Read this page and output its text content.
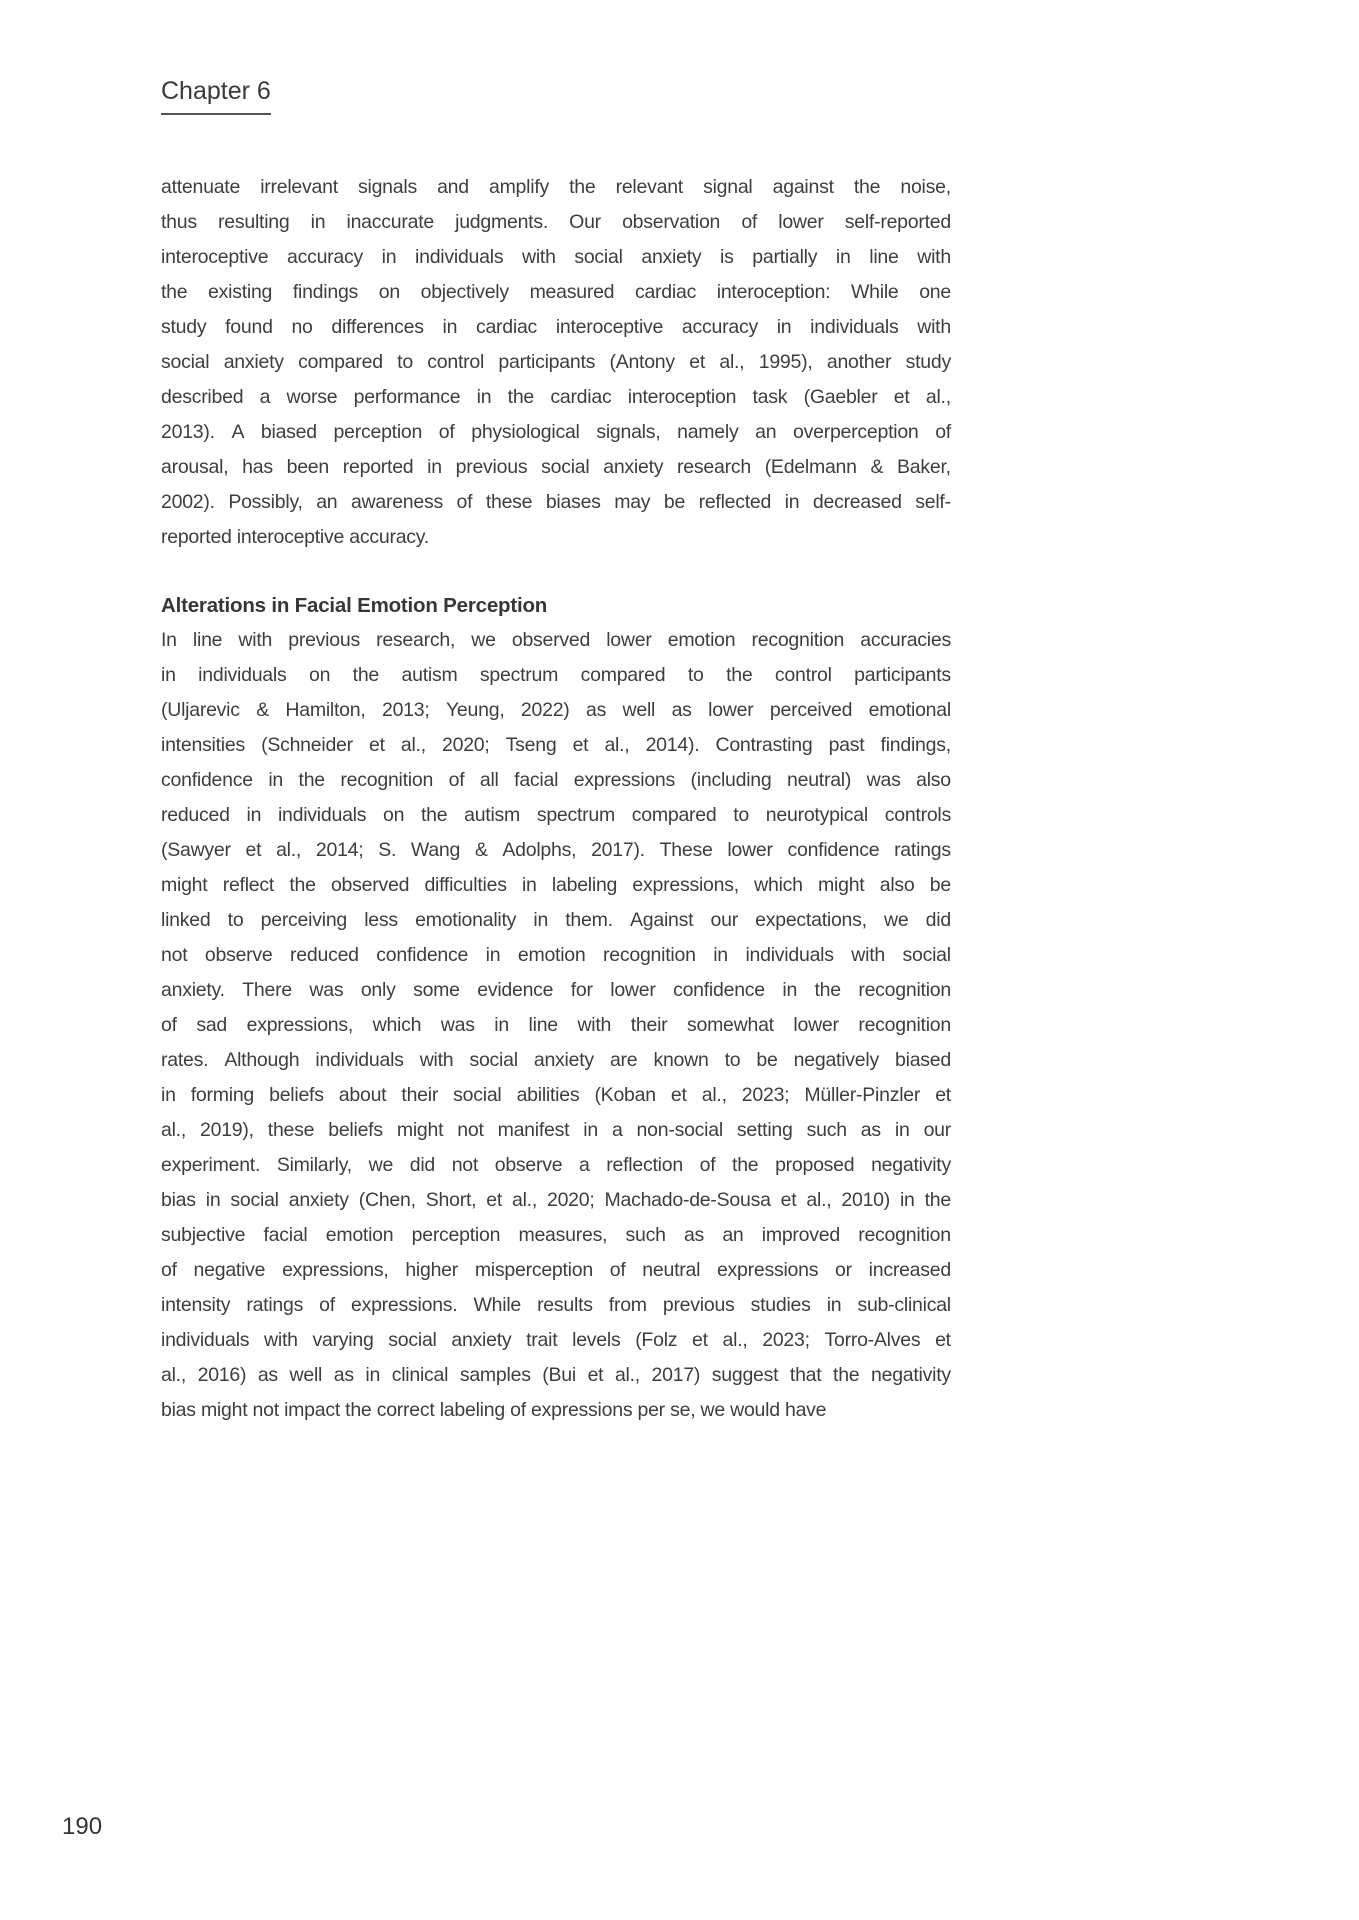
Chapter 6
attenuate irrelevant signals and amplify the relevant signal against the noise,
thus resulting in inaccurate judgments. Our observation of lower self-reported
interoceptive accuracy in individuals with social anxiety is partially in line with
the existing findings on objectively measured cardiac interoception: While one
study found no differences in cardiac interoceptive accuracy in individuals with
social anxiety compared to control participants (Antony et al., 1995), another study
described a worse performance in the cardiac interoception task (Gaebler et al.,
2013). A biased perception of physiological signals, namely an overperception of
arousal, has been reported in previous social anxiety research (Edelmann & Baker,
2002). Possibly, an awareness of these biases may be reflected in decreased self-
reported interoceptive accuracy.
Alterations in Facial Emotion Perception
In line with previous research, we observed lower emotion recognition accuracies
in individuals on the autism spectrum compared to the control participants
(Uljarevic & Hamilton, 2013; Yeung, 2022) as well as lower perceived emotional
intensities (Schneider et al., 2020; Tseng et al., 2014). Contrasting past findings,
confidence in the recognition of all facial expressions (including neutral) was also
reduced in individuals on the autism spectrum compared to neurotypical controls
(Sawyer et al., 2014; S. Wang & Adolphs, 2017). These lower confidence ratings
might reflect the observed difficulties in labeling expressions, which might also be
linked to perceiving less emotionality in them. Against our expectations, we did
not observe reduced confidence in emotion recognition in individuals with social
anxiety. There was only some evidence for lower confidence in the recognition
of sad expressions, which was in line with their somewhat lower recognition
rates. Although individuals with social anxiety are known to be negatively biased
in forming beliefs about their social abilities (Koban et al., 2023; Müller-Pinzler et
al., 2019), these beliefs might not manifest in a non-social setting such as in our
experiment. Similarly, we did not observe a reflection of the proposed negativity
bias in social anxiety (Chen, Short, et al., 2020; Machado-de-Sousa et al., 2010) in the
subjective facial emotion perception measures, such as an improved recognition
of negative expressions, higher misperception of neutral expressions or increased
intensity ratings of expressions. While results from previous studies in sub-clinical
individuals with varying social anxiety trait levels (Folz et al., 2023; Torro-Alves et
al., 2016) as well as in clinical samples (Bui et al., 2017) suggest that the negativity
bias might not impact the correct labeling of expressions per se, we would have
190
